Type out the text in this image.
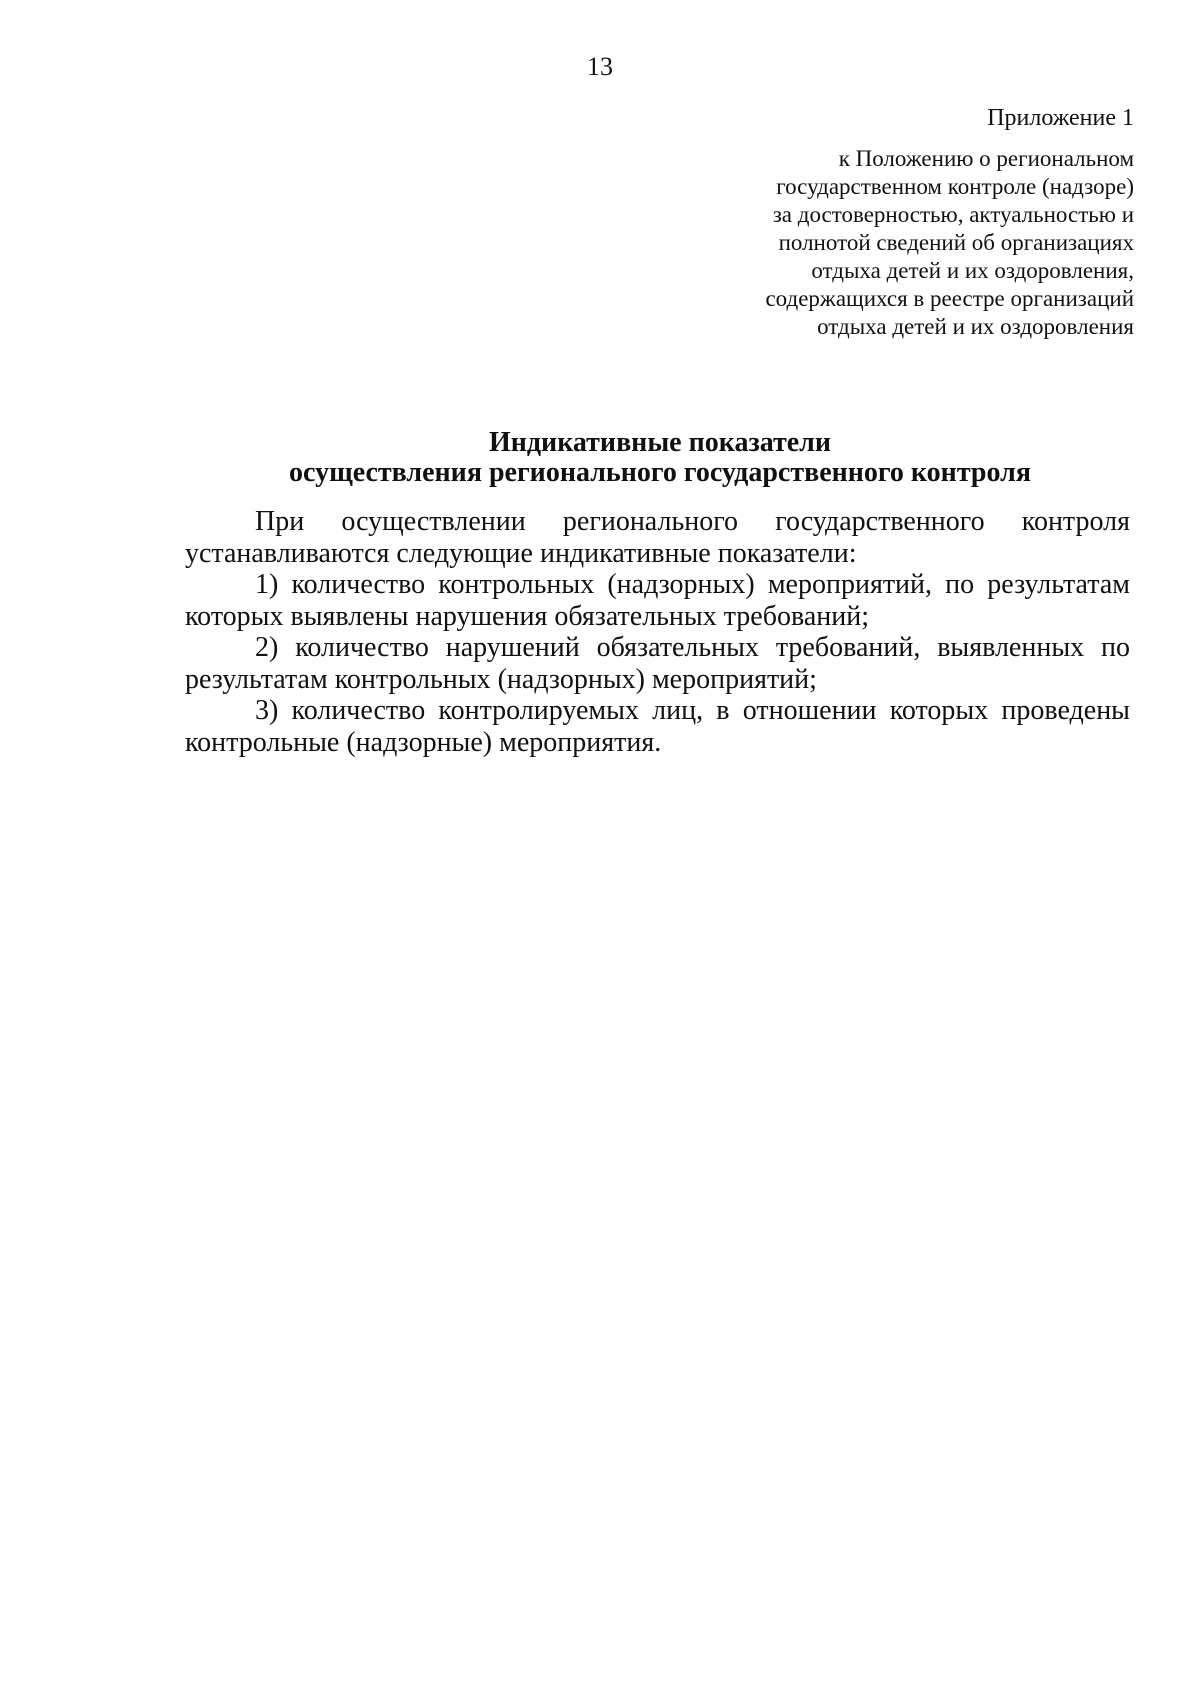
13
Приложение 1
к Положению о региональном
государственном контроле (надзоре)
за достоверностью, актуальностью и
полнотой сведений об организациях
отдыха детей и их оздоровления,
содержащихся в реестре организаций
отдыха детей и их оздоровления
Индикативные показатели
осуществления регионального государственного контроля

При осуществлении регионального государственного контроля устанавливаются следующие индикативные показатели:

1) количество контрольных (надзорных) мероприятий, по результатам которых выявлены нарушения обязательных требований;

2) количество нарушений обязательных требований, выявленных по результатам контрольных (надзорных) мероприятий;

3) количество контролируемых лиц, в отношении которых проведены контрольные (надзорные) мероприятия.
